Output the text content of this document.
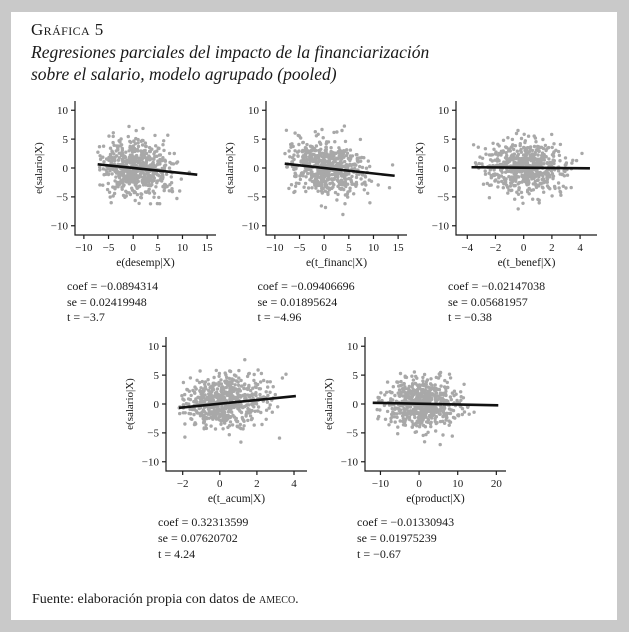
Gráfica 5
Regresiones parciales del impacto de la financiarización
sobre el salario, modelo agrupado (pooled)
−10
−5
0
5
10
−10 −5 0 5 10 15
e(desemp|X)
e(salario|X)
coef = −0.0894314
se = 0.02419948
t = −3.7
−10
−5
0
5
10
−10 −5 0 5 10 15
e(t_financ|X)
e(salario|X)
coef = −0.09406696
se = 0.01895624
t = −4.96
−10
−5
0
5
10
−4 −2 0 2 4
e(t_benef|X)
e(salario|X)
coef = −0.02147038
se = 0.05681957
t = −0.38
−10
−5
0
5
10
−2	0	2	4
e(t_acum|X)
e(salario|X)
coef = 0.32313599
se = 0.07620702
t = 4.24
−10
−5
0
5
10
−10 0	10	20
e(product|X)
e(salario|X)
coef = −0.01330943
se = 0.01975239
t = −0.67
Fuente: elaboración propia con datos de ameco.
